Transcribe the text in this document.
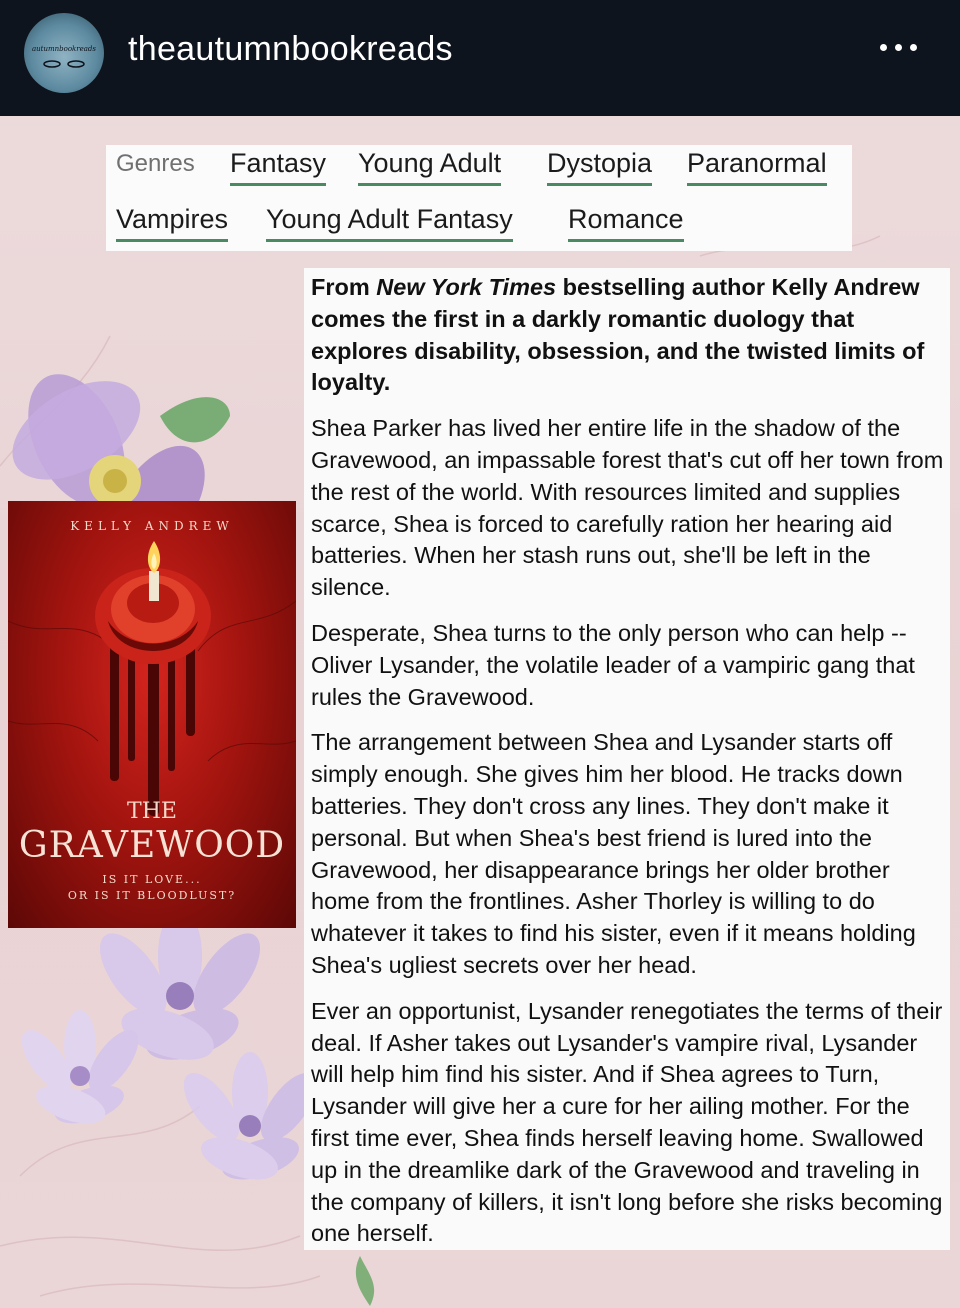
autumnbookreads theautumnbookreads
Genres Fantasy Young Adult Dystopia Paranormal
Vampires Young Adult Fantasy Romance
KELLY ANDREW
THE
GRAVEWOOD
IS IT LOVE...
OR IS IT BLOODLUST?

From New York Times bestselling author Kelly Andrew comes the first in a darkly romantic duology that explores disability, obsession, and the twisted limits of loyalty.

Shea Parker has lived her entire life in the shadow of the Gravewood, an impassable forest that's cut off her town from the rest of the world. With resources limited and supplies scarce, Shea is forced to carefully ration her hearing aid batteries. When her stash runs out, she'll be left in the silence.

Desperate, Shea turns to the only person who can help -- Oliver Lysander, the volatile leader of a vampiric gang that rules the Gravewood.

The arrangement between Shea and Lysander starts off simply enough. She gives him her blood. He tracks down batteries. They don't cross any lines. They don't make it personal. But when Shea's best friend is lured into the Gravewood, her disappearance brings her older brother home from the frontlines. Asher Thorley is willing to do whatever it takes to find his sister, even if it means holding Shea's ugliest secrets over her head.

Ever an opportunist, Lysander renegotiates the terms of their deal. If Asher takes out Lysander's vampire rival, Lysander will help him find his sister. And if Shea agrees to Turn, Lysander will give her a cure for her ailing mother. For the first time ever, Shea finds herself leaving home. Swallowed up in the dreamlike dark of the Gravewood and traveling in the company of killers, it isn't long before she risks becoming one herself.
